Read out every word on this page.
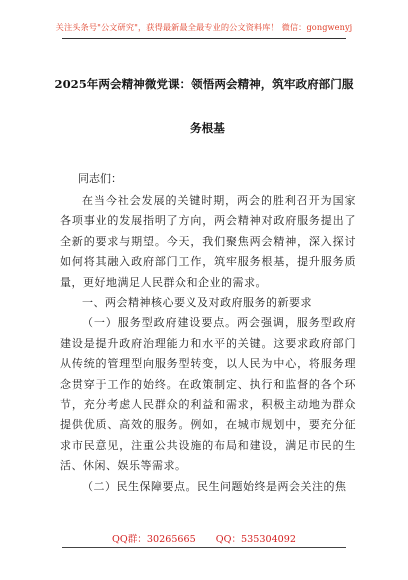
关注头条号"公文研究"，获得最新最全最专业的公文资料库！ 微信：gongwenyj
2025年两会精神微党课：领悟两会精神，筑牢政府部门服
务根基
同志们：

在当今社会发展的关键时期，两会的胜利召开为国家各项事业的发展指明了方向，两会精神对政府服务提出了全新的要求与期望。今天，我们聚焦两会精神，深入探讨如何将其融入政府部门工作，筑牢服务根基，提升服务质量，更好地满足人民群众和企业的需求。

一、两会精神核心要义及对政府服务的新要求

（一）服务型政府建设要点。两会强调，服务型政府建设是提升政府治理能力和水平的关键。这要求政府部门从传统的管理型向服务型转变，以人民为中心，将服务理念贯穿于工作的始终。在政策制定、执行和监督的各个环节，充分考虑人民群众的利益和需求，积极主动地为群众提供优质、高效的服务。例如，在城市规划中，要充分征求市民意见，注重公共设施的布局和建设，满足市民的生活、休闲、娱乐等需求。

（二）民生保障要点。民生问题始终是两会关注的焦

QQ群：30265665 QQ：535304092
